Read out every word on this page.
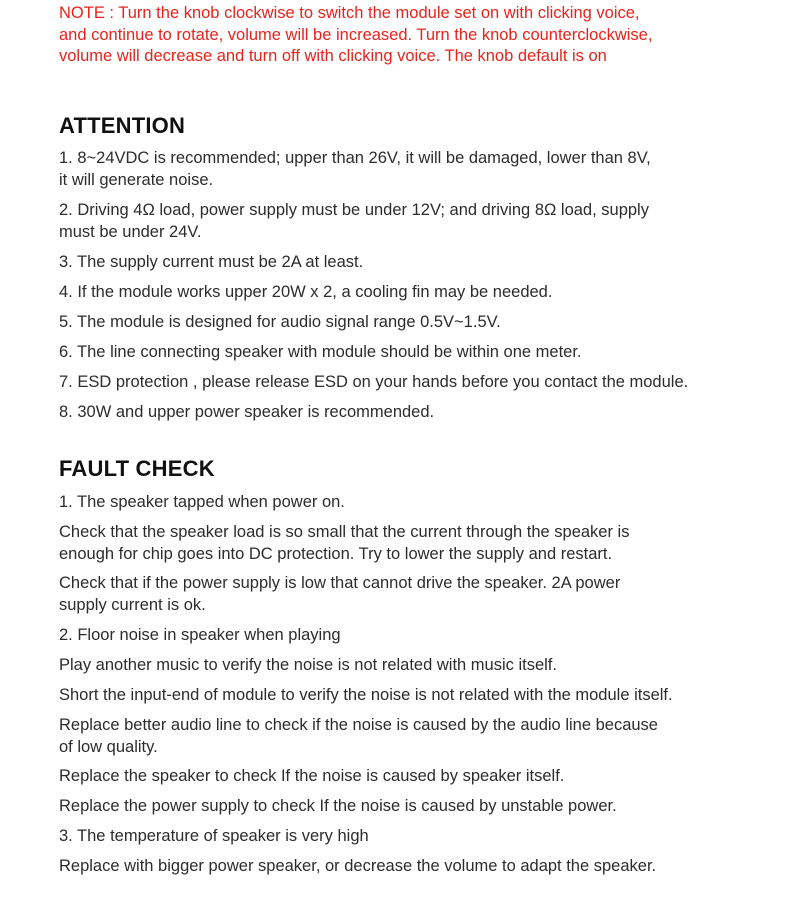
NOTE : Turn the knob clockwise to switch the module set on with clicking voice,

and continue to rotate, volume will be increased. Turn the knob counterclockwise,

volume will decrease and turn off with clicking voice. The knob default is on

ATTENTION
1. 8~24VDC is recommended; upper than 26V, it will be damaged, lower than 8V,
it will generate noise.
2. Driving 4Ω load, power supply must be under 12V; and driving 8Ω load, supply
must be under 24V.
3. The supply current must be 2A at least.
4. If the module works upper 20W x 2, a cooling fin may be needed.
5. The module is designed for audio signal range 0.5V~1.5V.
6. The line connecting speaker with module should be within one meter.
7. ESD protection , please release ESD on your hands before you contact the module.
8. 30W and upper power speaker is recommended.
FAULT CHECK
1. The speaker tapped when power on.
Check that the speaker load is so small that the current through the speaker is
enough for chip goes into DC protection. Try to lower the supply and restart.
Check that if the power supply is low that cannot drive the speaker. 2A power
supply current is ok.
2. Floor noise in speaker when playing
Play another music to verify the noise is not related with music itself.
Short the input-end of module to verify the noise is not related with the module itself.
Replace better audio line to check if the noise is caused by the audio line because
of low quality.
Replace the speaker to check If the noise is caused by speaker itself.
Replace the power supply to check If the noise is caused by unstable power.
3. The temperature of speaker is very high
Replace with bigger power speaker, or decrease the volume to adapt the speaker.
